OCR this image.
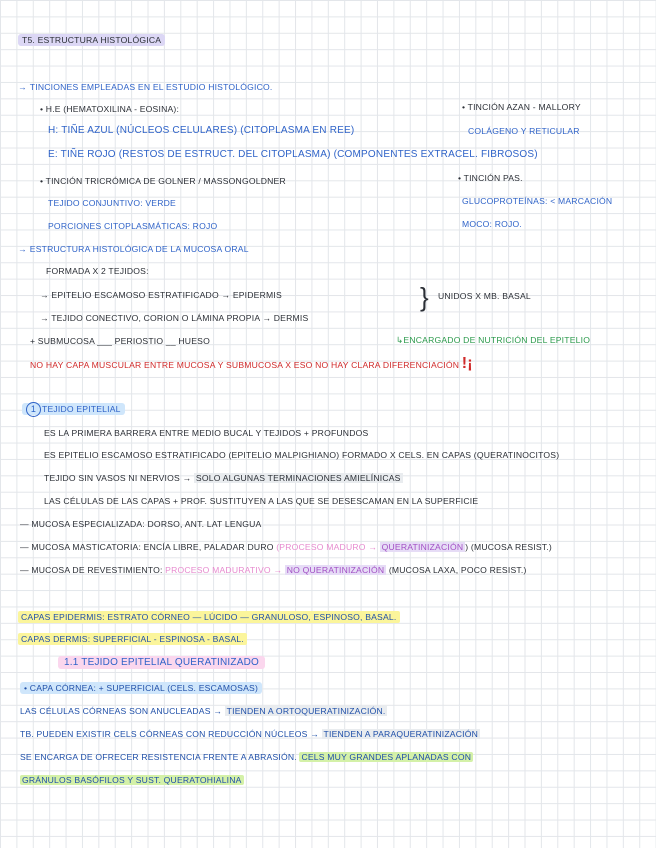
T5. ESTRUCTURA HISTOLÓGICA
→ TINCIONES EMPLEADAS EN EL ESTUDIO HISTOLÓGICO.
• H.E (HEMATOXILINA - EOSINA):
H: TIÑE AZUL (NÚCLEOS CELULARES) (CITOPLASMA EN REE)
E: TIÑE ROJO (RESTOS DE ESTRUCT. DEL CITOPLASMA) (COMPONENTES EXTRACEL. FIBROSOS)
• TINCIÓN TRICRÓMICA DE GOLNER / MASSONGOLDNER
TEJIDO CONJUNTIVO: VERDE
PORCIONES CITOPLASMÁTICAS: ROJO
• TINCIÓN AZAN - MALLORY
COLÁGENO Y RETICULAR
• TINCIÓN PAS.
GLUCOPROTEÍNAS: < MARCACIÓN
MOCO: ROJO.
→ ESTRUCTURA HISTOLÓGICA DE LA MUCOSA ORAL
FORMADA X 2 TEJIDOS:
→ EPITELIO ESCAMOSO ESTRATIFICADO → EPIDERMIS	} UNIDOS X MB. BASAL
→ TEJIDO CONECTIVO, CORION O LÁMINA PROPIA → DERMIS
+ SUBMUCOSA ___ PERIOSTIO __ HUESO	↳ENCARGADO DE NUTRICIÓN DEL EPITELIO
NO HAY CAPA MUSCULAR ENTRE MUCOSA Y SUBMUCOSA X ESO NO HAY CLARA DIFERENCIACIÓN !¡
1 TEJIDO EPITELIAL
ES LA PRIMERA BARRERA ENTRE MEDIO BUCAL Y TEJIDOS + PROFUNDOS
ES EPITELIO ESCAMOSO ESTRATIFICADO (EPITELIO MALPIGHIANO) FORMADO X CELS. EN CAPAS (QUERATINOCITOS)
TEJIDO SIN VASOS NI NERVIOS → SOLO ALGUNAS TERMINACIONES AMIELÍNICAS
LAS CÉLULAS DE LAS CAPAS + PROF. SUSTITUYEN A LAS QUE SE DESESCAMAN EN LA SUPERFICIE
— MUCOSA ESPECIALIZADA: DORSO, ANT. LAT LENGUA
— MUCOSA MASTICATORIA: ENCÍA LIBRE, PALADAR DURO (PROCESO MADURO → QUERATINIZACIÓN ) (MUCOSA RESIST.)
— MUCOSA DE REVESTIMIENTO: PROCESO MADURATIVO → NO QUERATINIZACIÓN (MUCOSA LAXA, POCO RESIST.)
CAPAS EPIDERMIS: ESTRATO CÓRNEO — LÚCIDO — GRANULOSO, ESPINOSO, BASAL.
CAPAS DERMIS: SUPERFICIAL - ESPINOSA - BASAL.
1.1 TEJIDO EPITELIAL QUERATINIZADO
• CAPA CÓRNEA: + SUPERFICIAL (CELS. ESCAMOSAS)
LAS CÉLULAS CÓRNEAS SON ANUCLEADAS → TIENDEN A ORTOQUERATINIZACIÓN.
TB. PUEDEN EXISTIR CELS CÓRNEAS CON REDUCCIÓN NÚCLEOS → TIENDEN A PARAQUERATINIZACIÓN
SE ENCARGA DE OFRECER RESISTENCIA FRENTE A ABRASIÓN. CELS MUY GRANDES APLANADAS CON
GRÁNULOS BASÓFILOS Y SUST. QUERATOHIALINA
